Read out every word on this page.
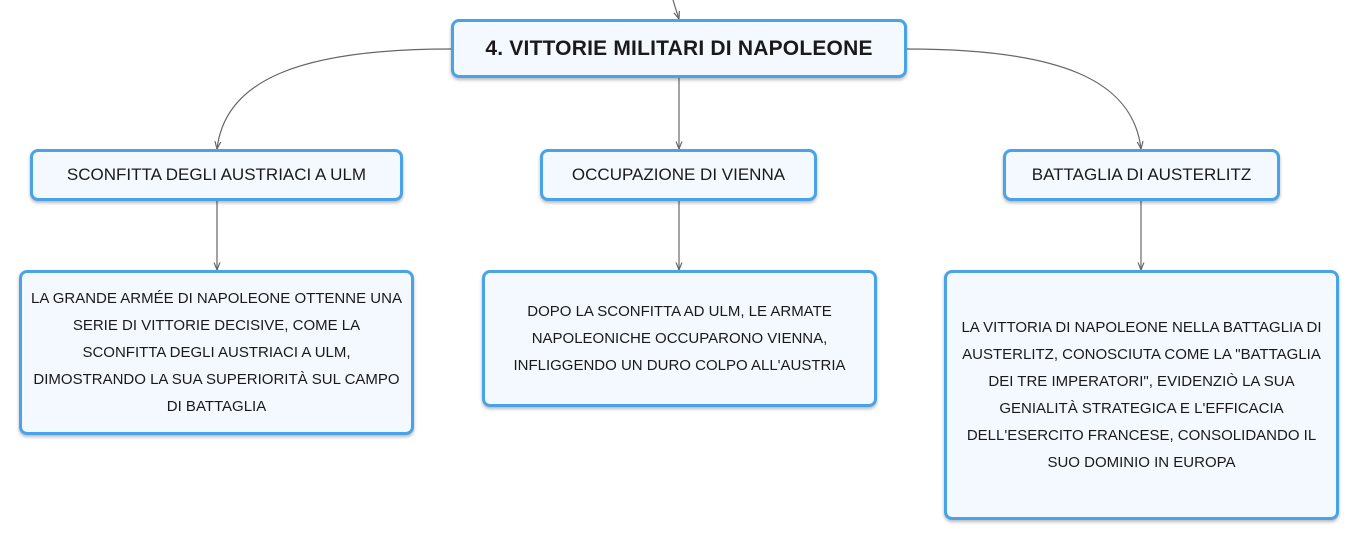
4. VITTORIE MILITARI DI NAPOLEONE
SCONFITTA DEGLI AUSTRIACI A ULM	OCCUPAZIONE DI VIENNA	BATTAGLIA DI AUSTERLITZ
LA GRANDE ARMÉE DI NAPOLEONE OTTENNE UNA SERIE DI VITTORIE DECISIVE, COME LA SCONFITTA DEGLI AUSTRIACI A ULM, DIMOSTRANDO LA SUA SUPERIORITÀ SUL CAMPO DI BATTAGLIA
DOPO LA SCONFITTA AD ULM, LE ARMATE NAPOLEONICHE OCCUPARONO VIENNA, INFLIGGENDO UN DURO COLPO ALL'AUSTRIA
LA VITTORIA DI NAPOLEONE NELLA BATTAGLIA DI AUSTERLITZ, CONOSCIUTA COME LA "BATTAGLIA DEI TRE IMPERATORI", EVIDENZIÒ LA SUA GENIALITÀ STRATEGICA E L'EFFICACIA DELL'ESERCITO FRANCESE, CONSOLIDANDO IL SUO DOMINIO IN EUROPA
